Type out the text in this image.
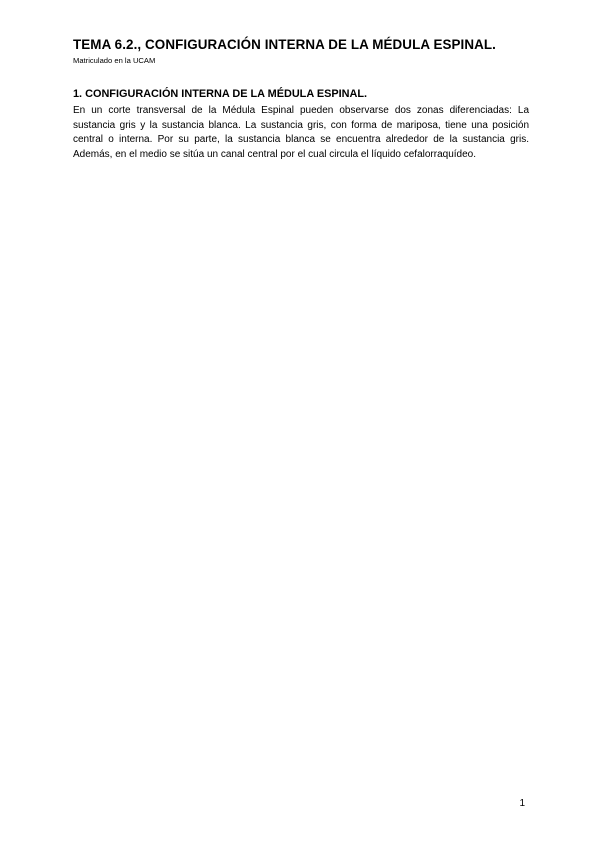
TEMA 6.2., CONFIGURACIÓN INTERNA DE LA MÉDULA ESPINAL.
Matriculado en la UCAM
1. CONFIGURACIÓN INTERNA DE LA MÉDULA ESPINAL.

En un corte transversal de la Médula Espinal pueden observarse dos zonas diferenciadas: La sustancia gris y la sustancia blanca. La sustancia gris, con forma de mariposa, tiene una posición central o interna. Por su parte, la sustancia blanca se encuentra alrededor de la sustancia gris. Además, en el medio se sitúa un canal central por el cual circula el líquido cefalorraquídeo.

1
